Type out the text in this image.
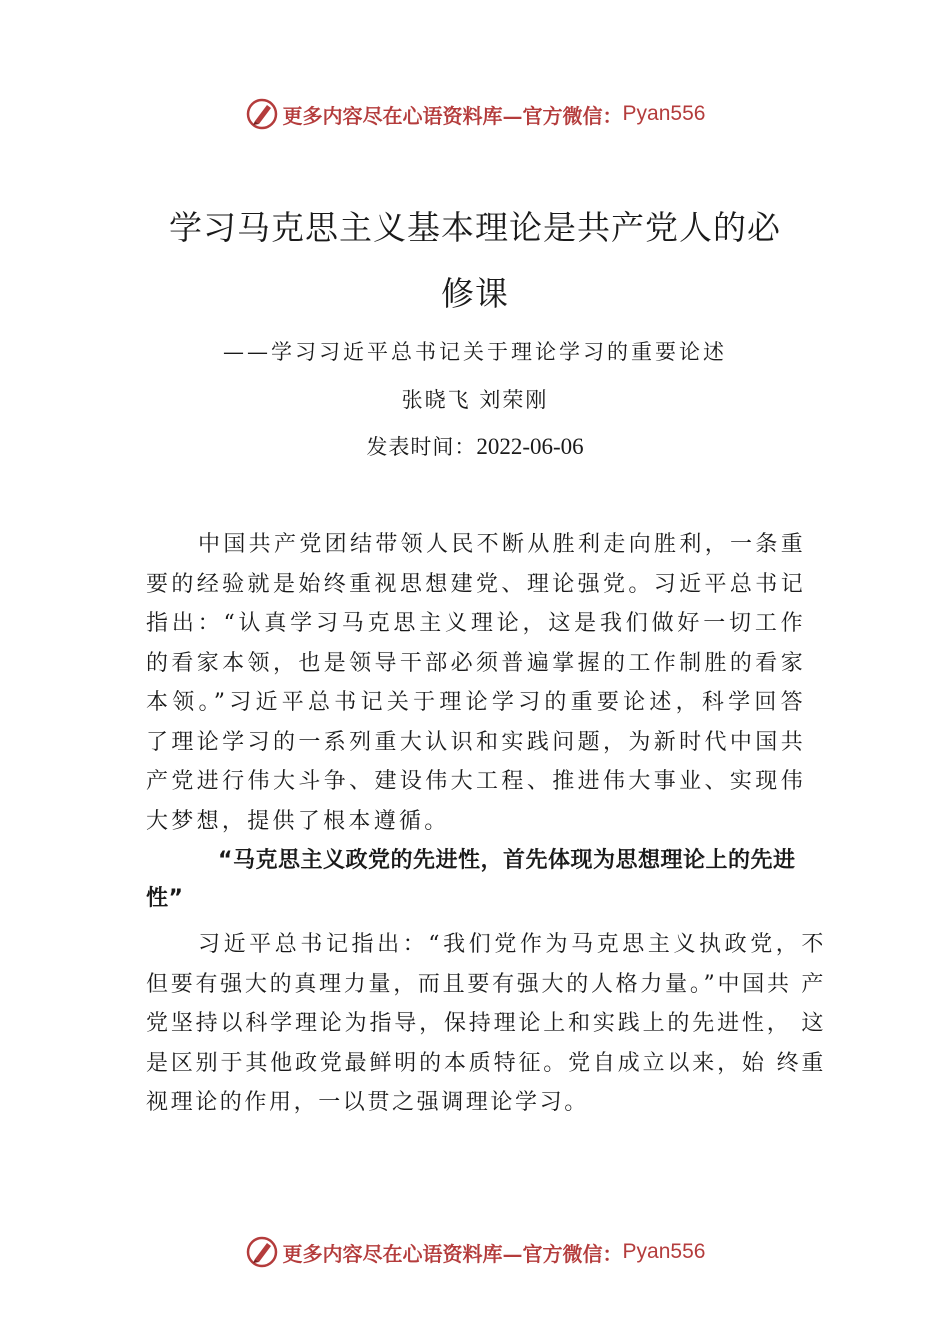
更多内容尽在心语资料库—官方微信： Pyan556
学习马克思主义基本理论是共产党人的必
修课
——学习习近平总书记关于理论学习的重要论述
张晓飞 刘荣刚
发表时间：2022-06-06

中国共产党团结带领人民不断从胜利走向胜利，一条重要的经验就是始终重视思想建党、理论强党。习近平总书记指出：“认真学习马克思主义理论，这是我们做好一切工作的看家本领，也是领导干部必须普遍掌握的工作制胜的看家本领。”习近平总书记关于理论学习的重要论述，科学回答了理论学习的一系列重大认识和实践问题，为新时代中国共产党进行伟大斗争、建设伟大工程、推进伟大事业、实现伟大梦想，提供了根本遵循。

“马克思主义政党的先进性，首先体现为思想理论上的先进性”

习近平总书记指出：“我们党作为马克思主义执政党，不但要有强大的真理力量，而且要有强大的人格力量。”中国共 产党坚持以科学理论为指导，保持理论上和实践上的先进性， 这是区别于其他政党最鲜明的本质特征。党自成立以来，始 终重视理论的作用，一以贯之强调理论学习。

更多内容尽在心语资料库—官方微信： Pyan556
